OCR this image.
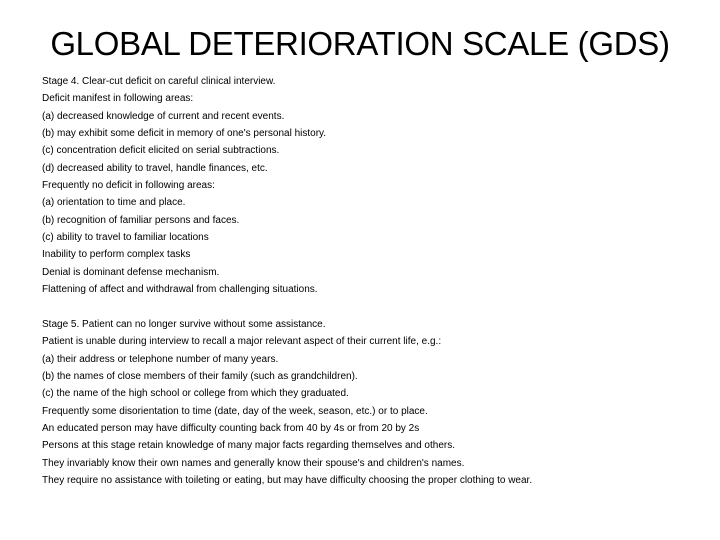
GLOBAL DETERIORATION SCALE (GDS)
Stage 4. Clear-cut deficit on careful clinical interview.
Deficit manifest in following areas:
(a) decreased knowledge of current and recent events.
(b) may exhibit some deficit in memory of one's personal history.
(c) concentration deficit elicited on serial subtractions.
(d) decreased ability to travel, handle finances, etc.
Frequently no deficit in following areas:
(a) orientation to time and place.
(b) recognition of familiar persons and faces.
(c) ability to travel to familiar locations
Inability to perform complex tasks
Denial is dominant defense mechanism.
Flattening of affect and withdrawal from challenging situations.
Stage 5. Patient can no longer survive without some assistance.
Patient is unable during interview to recall a major relevant aspect of their current life, e.g.:
(a) their address or telephone number of many years.
(b) the names of close members of their family (such as grandchildren).
(c) the name of the high school or college from which they graduated.
Frequently some disorientation to time (date, day of the week, season, etc.) or to place.
An educated person may have difficulty counting back from 40 by 4s or from 20 by 2s
Persons at this stage retain knowledge of many major facts regarding themselves and others.
They invariably know their own names and generally know their spouse's and children's names.
They require no assistance with toileting or eating, but may have difficulty choosing the proper clothing to wear.
